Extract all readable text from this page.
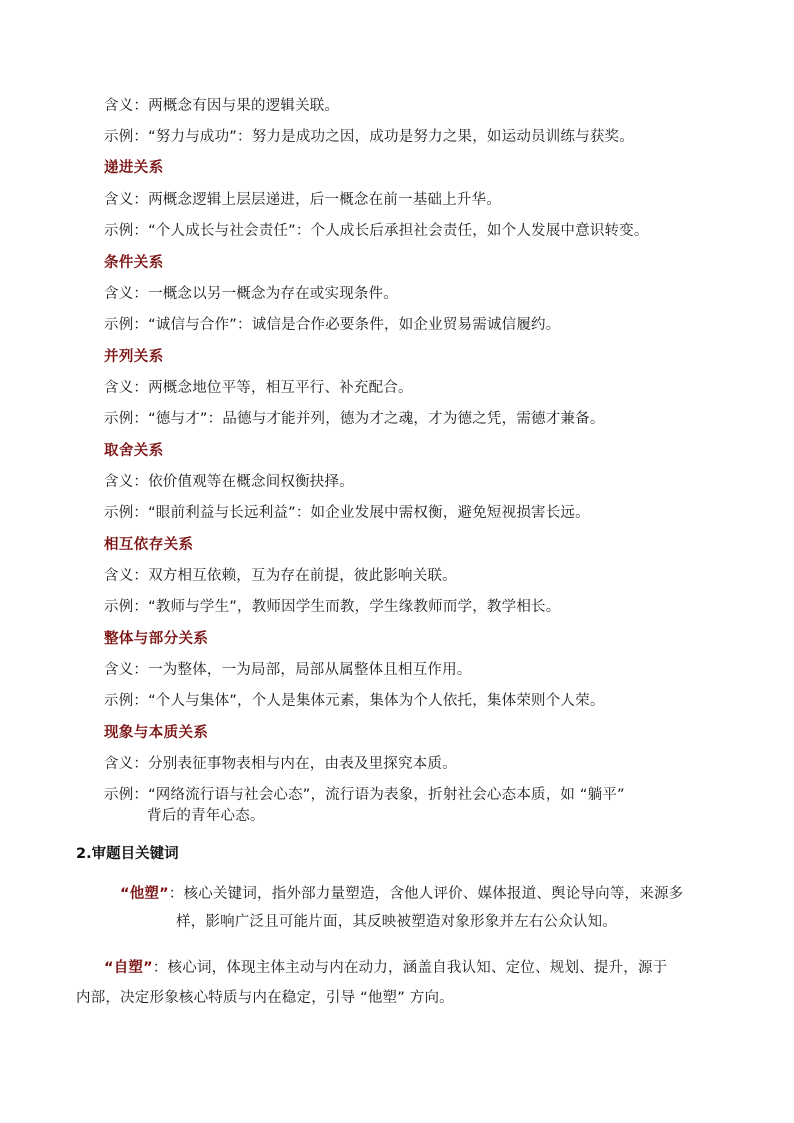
含义：两概念有因与果的逻辑关联。
示例：“努力与成功”：努力是成功之因，成功是努力之果，如运动员训练与获奖。
递进关系
含义：两概念逻辑上层层递进，后一概念在前一基础上升华。
示例：“个人成长与社会责任”：个人成长后承担社会责任，如个人发展中意识转变。
条件关系
含义：一概念以另一概念为存在或实现条件。
示例：“诚信与合作”：诚信是合作必要条件，如企业贸易需诚信履约。
并列关系
含义：两概念地位平等，相互平行、补充配合。
示例：“德与才”：品德与才能并列，德为才之魂，才为德之凭，需德才兼备。
取舍关系
含义：依价值观等在概念间权衡抉择。
示例：“眼前利益与长远利益”：如企业发展中需权衡，避免短视损害长远。
相互依存关系
含义：双方相互依赖，互为存在前提，彼此影响关联。
示例：“教师与学生”，教师因学生而教，学生缘教师而学，教学相长。
整体与部分关系
含义：一为整体，一为局部，局部从属整体且相互作用。
示例：“个人与集体”，个人是集体元素，集体为个人依托，集体荣则个人荣。
现象与本质关系
含义：分别表征事物表相与内在，由表及里探究本质。
示例：“网络流行语与社会心态”，流行语为表象，折射社会心态本质，如 “躺平”
背后的青年心态。
2.审题目关键词
“他塑”：核心关键词，指外部力量塑造，含他人评价、媒体报道、舆论导向等，来源多
样，影响广泛且可能片面，其反映被塑造对象形象并左右公众认知。
“自塑”：核心词，体现主体主动与内在动力，涵盖自我认知、定位、规划、提升，源于
内部，决定形象核心特质与内在稳定，引导 “他塑” 方向。
